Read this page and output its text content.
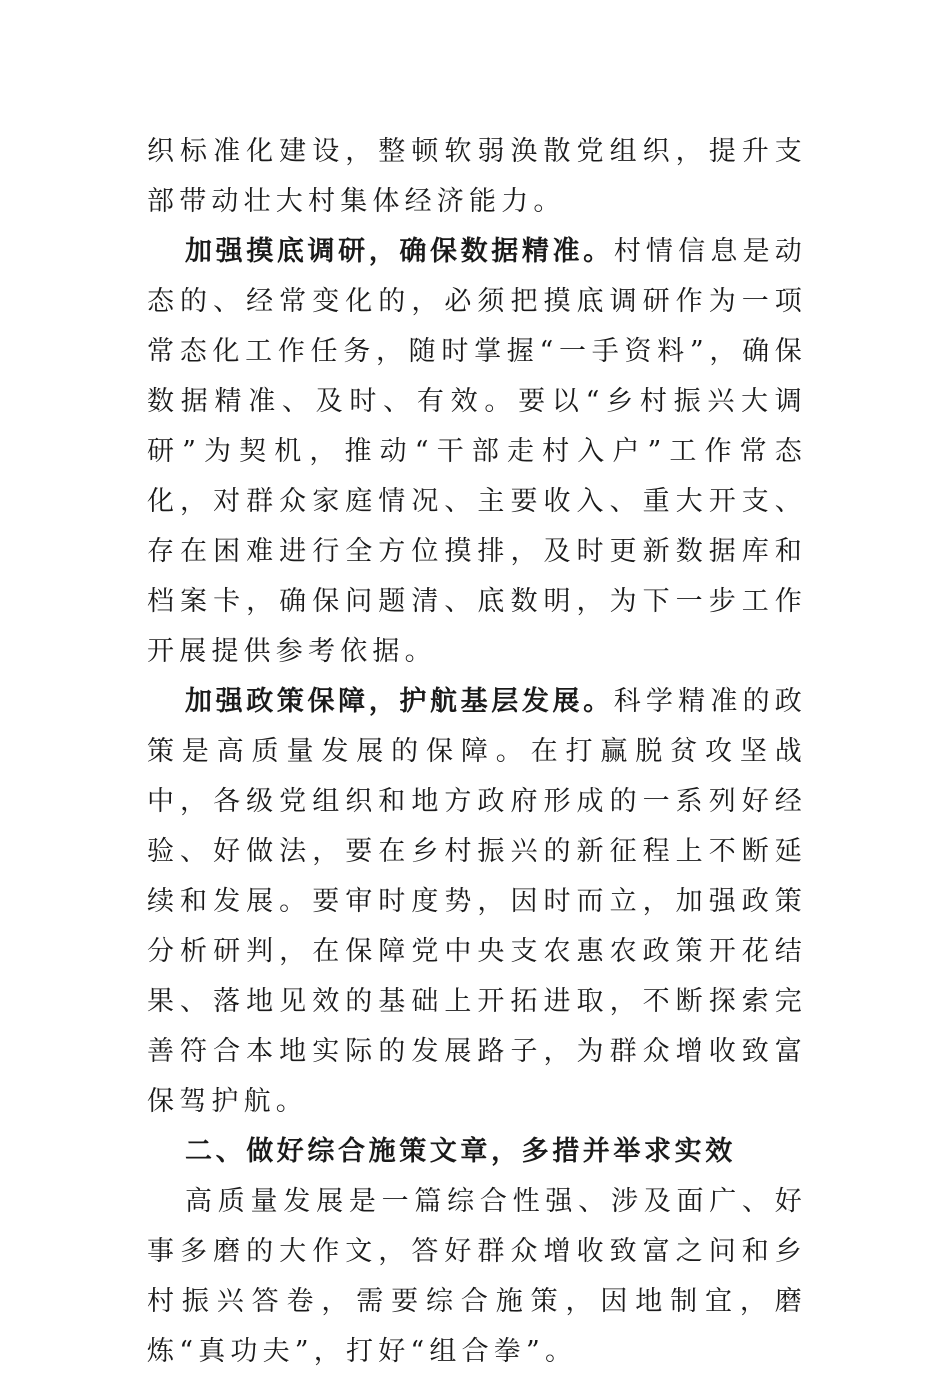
织标准化建设，整顿软弱涣散党组织，提升支部带动壮大村集体经济能力。

加强摸底调研，确保数据精准。村情信息是动态的、经常变化的，必须把摸底调研作为一项常态化工作任务，随时掌握“一手资料”，确保数据精准、及时、有效。要以“乡村振兴大调研”为契机，推动“干部走村入户”工作常态化，对群众家庭情况、主要收入、重大开支、存在困难进行全方位摸排，及时更新数据库和档案卡，确保问题清、底数明，为下一步工作开展提供参考依据。

加强政策保障，护航基层发展。科学精准的政策是高质量发展的保障。在打赢脱贫攻坚战中，各级党组织和地方政府形成的一系列好经验、好做法，要在乡村振兴的新征程上不断延续和发展。要审时度势，因时而立，加强政策分析研判，在保障党中央支农惠农政策开花结果、落地见效的基础上开拓进取，不断探索完善符合本地实际的发展路子，为群众增收致富保驾护航。

二、做好综合施策文章，多措并举求实效

高质量发展是一篇综合性强、涉及面广、好事多磨的大作文，答好群众增收致富之问和乡村振兴答卷，需要综合施策，因地制宜，磨炼“真功夫”，打好“组合拳”。
